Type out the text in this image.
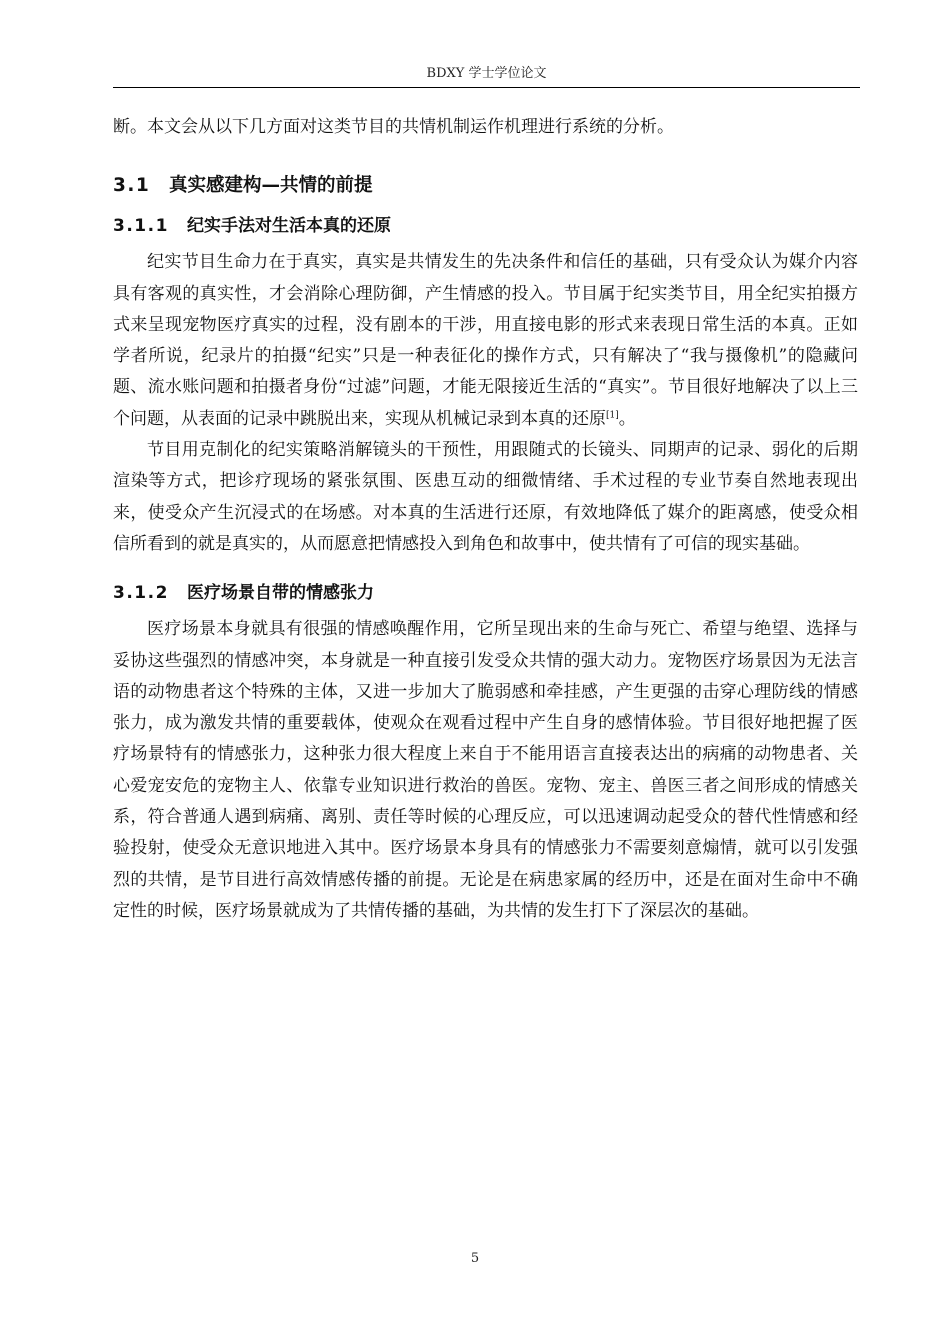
BDXY 学士学位论文

断。本文会从以下几方面对这类节目的共情机制运作机理进行系统的分析。

3.1 真实感建构—共情的前提
3.1.1 纪实手法对生活本真的还原

纪实节目生命力在于真实，真实是共情发生的先决条件和信任的基础，只有受众认为媒介内容具有客观的真实性，才会消除心理防御，产生情感的投入。节目属于纪实类节目，用全纪实拍摄方式来呈现宠物医疗真实的过程，没有剧本的干涉，用直接电影的形式来表现日常生活的本真。正如学者所说，纪录片的拍摄“纪实”只是一种表征化的操作方式，只有解决了“我与摄像机”的隐藏问题、流水账问题和拍摄者身份“过滤”问题，才能无限接近生活的“真实”。节目很好地解决了以上三个问题，从表面的记录中跳脱出来，实现从机械记录到本真的还原[1]。

节目用克制化的纪实策略消解镜头的干预性，用跟随式的长镜头、同期声的记录、弱化的后期渲染等方式，把诊疗现场的紧张氛围、医患互动的细微情绪、手术过程的专业节奏自然地表现出来，使受众产生沉浸式的在场感。对本真的生活进行还原，有效地降低了媒介的距离感，使受众相信所看到的就是真实的，从而愿意把情感投入到角色和故事中，使共情有了可信的现实基础。

3.1.2 医疗场景自带的情感张力

医疗场景本身就具有很强的情感唤醒作用，它所呈现出来的生命与死亡、希望与绝望、选择与妥协这些强烈的情感冲突，本身就是一种直接引发受众共情的强大动力。宠物医疗场景因为无法言语的动物患者这个特殊的主体，又进一步加大了脆弱感和牵挂感，产生更强的击穿心理防线的情感张力，成为激发共情的重要载体，使观众在观看过程中产生自身的感情体验。节目很好地把握了医疗场景特有的情感张力，这种张力很大程度上来自于不能用语言直接表达出的病痛的动物患者、关心爱宠安危的宠物主人、依靠专业知识进行救治的兽医。宠物、宠主、兽医三者之间形成的情感关系，符合普通人遇到病痛、离别、责任等时候的心理反应，可以迅速调动起受众的替代性情感和经验投射，使受众无意识地进入其中。医疗场景本身具有的情感张力不需要刻意煽情，就可以引发强烈的共情，是节目进行高效情感传播的前提。无论是在病患家属的经历中，还是在面对生命中不确定性的时候，医疗场景就成为了共情传播的基础，为共情的发生打下了深层次的基础。

5
